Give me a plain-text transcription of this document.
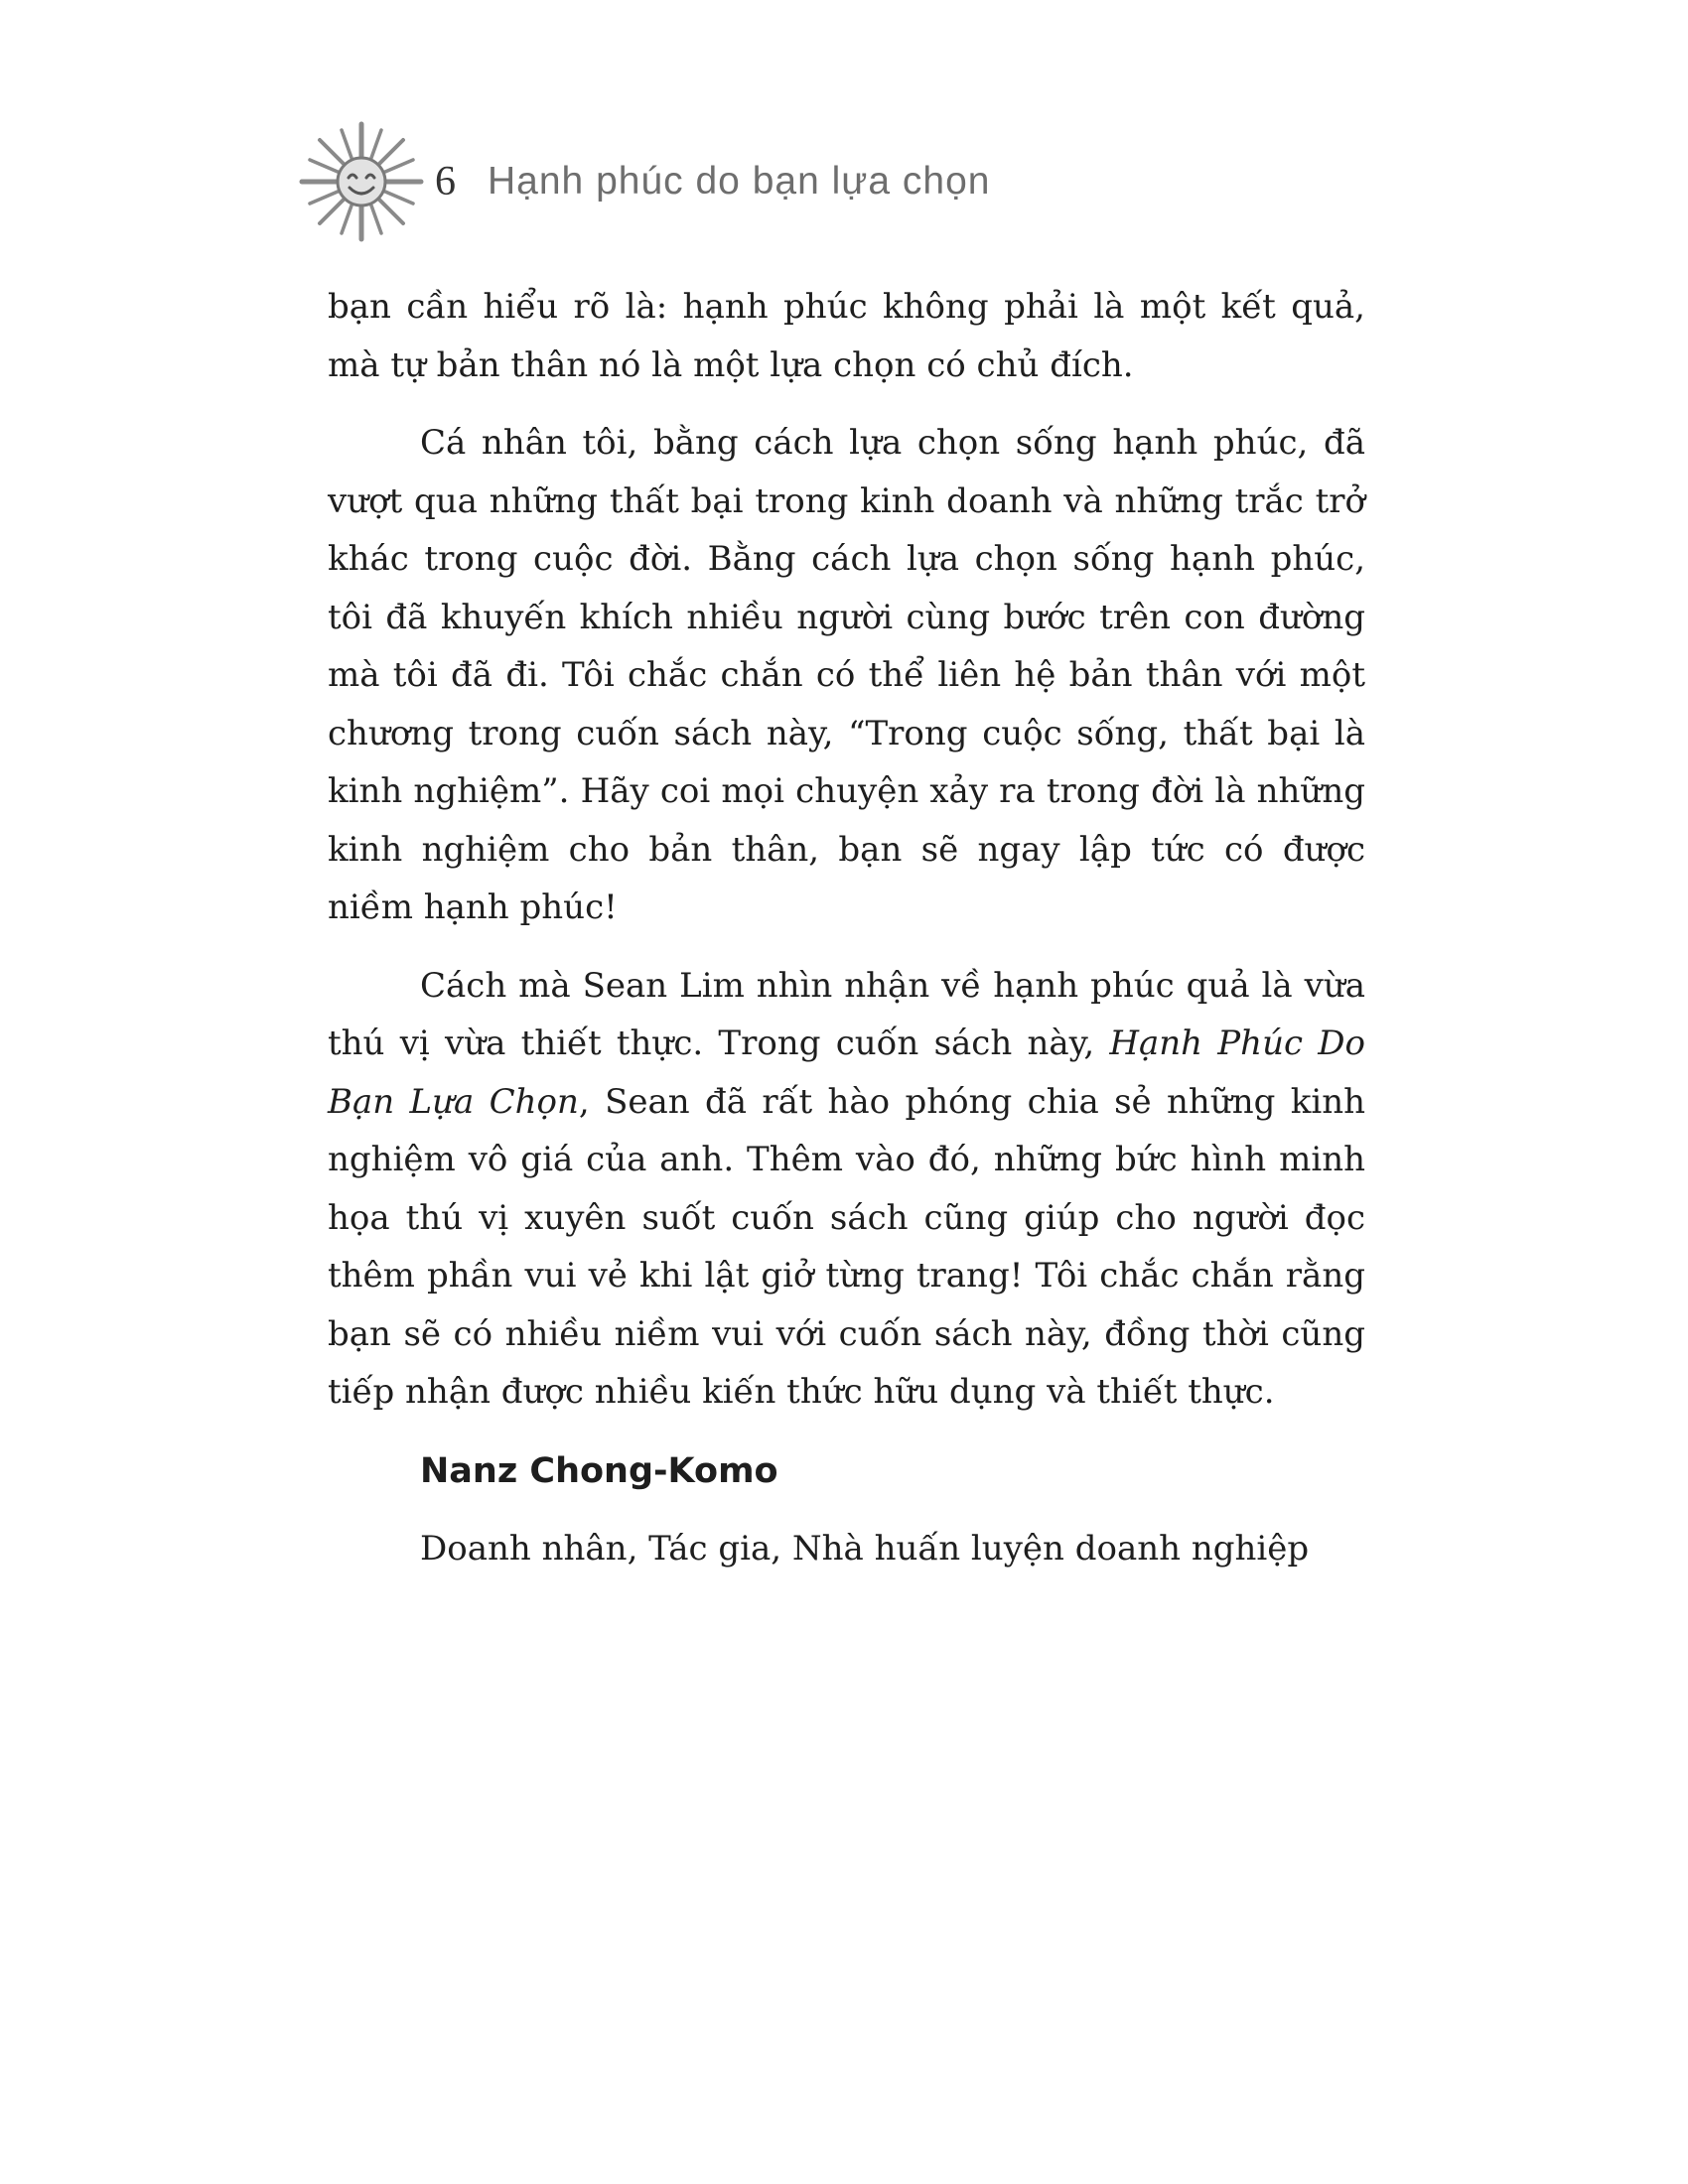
6 Hạnh phúc do bạn lựa chọn

bạn cần hiểu rõ là: hạnh phúc không phải là một kết quả, mà tự bản thân nó là một lựa chọn có chủ đích.

Cá nhân tôi, bằng cách lựa chọn sống hạnh phúc, đã vượt qua những thất bại trong kinh doanh và những trắc trở khác trong cuộc đời. Bằng cách lựa chọn sống hạnh phúc, tôi đã khuyến khích nhiều người cùng bước trên con đường mà tôi đã đi. Tôi chắc chắn có thể liên hệ bản thân với một chương trong cuốn sách này, “Trong cuộc sống, thất bại là kinh nghiệm”. Hãy coi mọi chuyện xảy ra trong đời là những kinh nghiệm cho bản thân, bạn sẽ ngay lập tức có được niềm hạnh phúc!

Cách mà Sean Lim nhìn nhận về hạnh phúc quả là vừa thú vị vừa thiết thực. Trong cuốn sách này, Hạnh Phúc Do Bạn Lựa Chọn, Sean đã rất hào phóng chia sẻ những kinh nghiệm vô giá của anh. Thêm vào đó, những bức hình minh họa thú vị xuyên suốt cuốn sách cũng giúp cho người đọc thêm phần vui vẻ khi lật giở từng trang! Tôi chắc chắn rằng bạn sẽ có nhiều niềm vui với cuốn sách này, đồng thời cũng tiếp nhận được nhiều kiến thức hữu dụng và thiết thực.

Nanz Chong-Komo
Doanh nhân, Tác gia, Nhà huấn luyện doanh nghiệp
